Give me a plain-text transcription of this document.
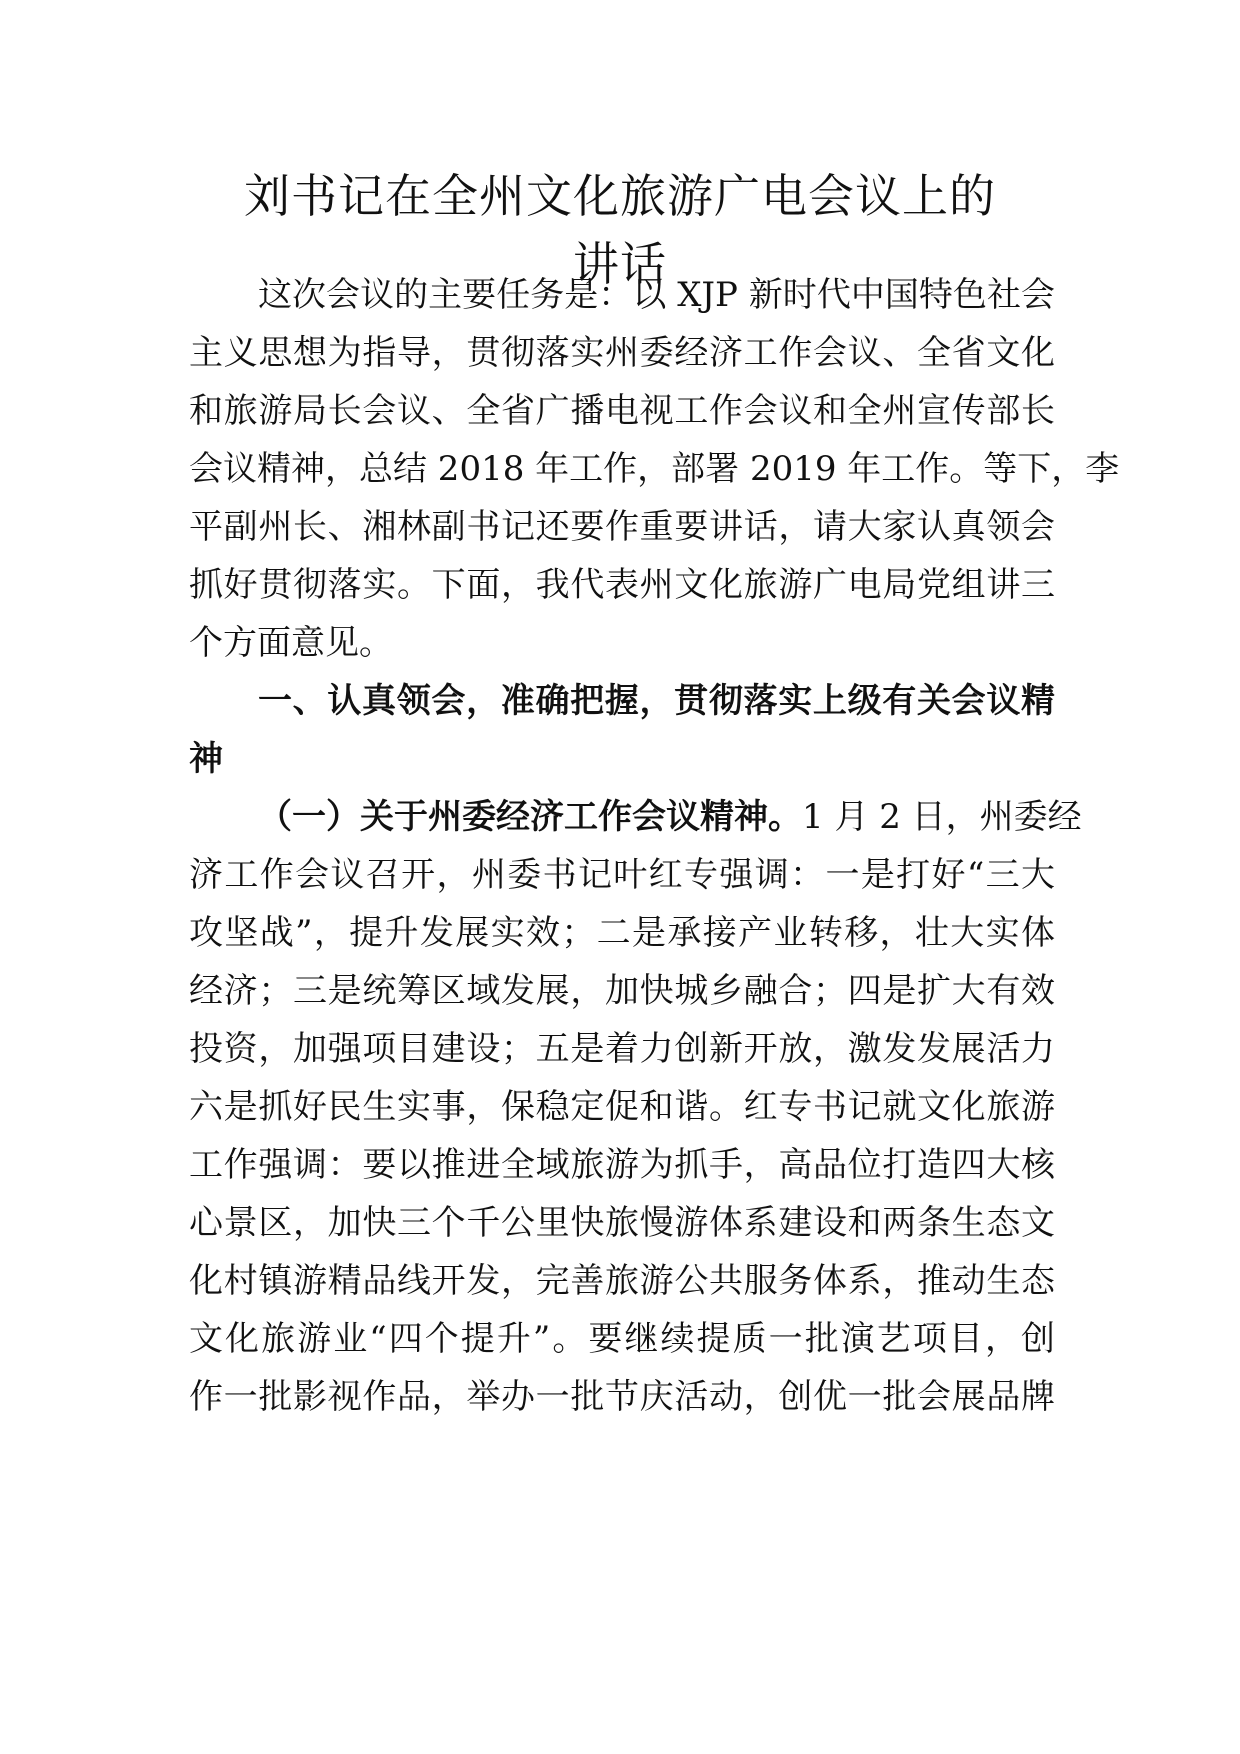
刘书记在全州文化旅游广电会议上的
讲话
这次会议的主要任务是：以 XJP 新时代中国特色社会
主义思想为指导，贯彻落实州委经济工作会议、全省文化
和旅游局长会议、全省广播电视工作会议和全州宣传部长
会议精神，总结 2018 年工作，部署 2019 年工作。等下，李
平副州长、湘林副书记还要作重要讲话，请大家认真领会
抓好贯彻落实。下面，我代表州文化旅游广电局党组讲三
个方面意见。
一、认真领会，准确把握，贯彻落实上级有关会议精
神
（一）关于州委经济工作会议精神。1 月 2 日，州委经
济工作会议召开，州委书记叶红专强调：一是打好“三大
攻坚战”，提升发展实效；二是承接产业转移，壮大实体
经济；三是统筹区域发展，加快城乡融合；四是扩大有效
投资，加强项目建设；五是着力创新开放，激发发展活力
六是抓好民生实事，保稳定促和谐。红专书记就文化旅游
工作强调：要以推进全域旅游为抓手，高品位打造四大核
心景区，加快三个千公里快旅慢游体系建设和两条生态文
化村镇游精品线开发，完善旅游公共服务体系，推动生态
文化旅游业“四个提升”。要继续提质一批演艺项目，创
作一批影视作品，举办一批节庆活动，创优一批会展品牌
